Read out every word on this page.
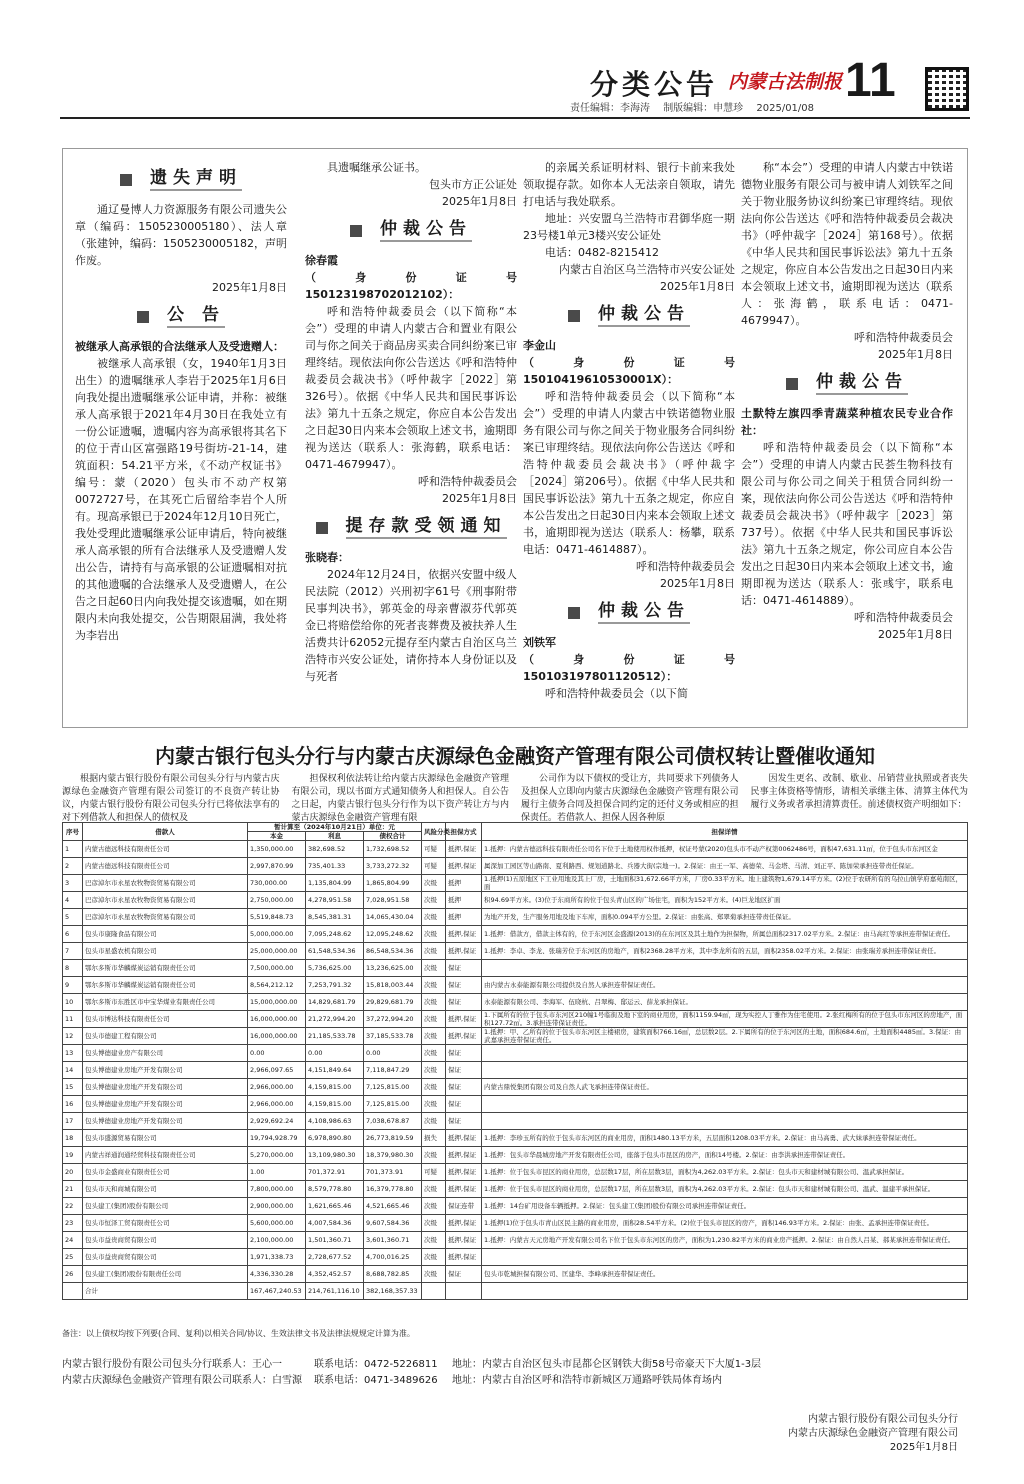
分类公告 内蒙古法制报 11
责任编辑：李海涛 制版编辑：申慧珍 2025/01/08
遗失声明

通辽曼博人力资源服务有限公司遗失公章（编码：1505230005180）、法人章（张建钟，编码：1505230005182，声明作废。

2025年1月8日

公 告

被继承人高承银的合法继承人及受遗赠人：

被继承人高承银（女，1940年1月3日出生）的遗嘱继承人李岩于2025年1月6日向我处提出遗嘱继承公证申请，并称：被继承人高承银于2021年4月30日在我处立有一份公证遗嘱，遗嘱内容为高承银将其名下的位于青山区富强路19号街坊-21-14，建筑面积：54.21平方米，《不动产权证书》编号：蒙（2020）包头市不动产权第0072727号，在其死亡后留给李岩个人所有。现高承银已于2024年12月10日死亡，我处受理此遗嘱继承公证申请后，特向被继承人高承银的所有合法继承人及受遗赠人发出公告，请持有与高承银的公证遗嘱相对抗的其他遗嘱的合法继承人及受遗赠人，在公告之日起60日内向我处提交该遗嘱，如在期限内未向我处提交，公告期限届满，我处将为李岩出

具遗嘱继承公证书。

包头市方正公证处

2025年1月8日

仲裁公告

徐春霞

（身份证号 150123198702012102）：

呼和浩特仲裁委员会（以下简称“本会”）受理的申请人内蒙古合和置业有限公司与你之间关于商品房买卖合同纠纷案已审理终结。现依法向你公告送达《呼和浩特仲裁委员会裁决书》（呼仲裁字［2022］第326号）。依据《中华人民共和国民事诉讼法》第九十五条之规定，你应自本公告发出之日起30日内来本会领取上述文书，逾期即视为送达（联系人：张海鹤，联系电话：0471-4679947）。

呼和浩特仲裁委员会

2025年1月8日

提存款受领通知

张晓春：

2024年12月24日，依据兴安盟中级人民法院（2012）兴刑初字61号《刑事附带民事判决书》，郭英金的母亲曹淑芬代郭英金已将赔偿给你的死者丧葬费及被扶养人生活费共计62052元提存至内蒙古自治区乌兰浩特市兴安公证处，请你持本人身份证以及与死者

的亲属关系证明材料、银行卡前来我处领取提存款。如你本人无法亲自领取，请先打电话与我处联系。

地址：兴安盟乌兰浩特市君御华庭一期23号楼1单元3楼兴安公证处

电话：0482-8215412

内蒙古自治区乌兰浩特市兴安公证处

2025年1月8日

仲裁公告

李金山

（身份证号 15010419610530001X）：

呼和浩特仲裁委员会（以下简称“本会”）受理的申请人内蒙古中铁诺德物业服务有限公司与你之间关于物业服务合同纠纷案已审理终结。现依法向你公告送达《呼和浩特仲裁委员会裁决书》（呼仲裁字［2024］第206号）。依据《中华人民共和国民事诉讼法》第九十五条之规定，你应自本公告发出之日起30日内来本会领取上述文书，逾期即视为送达（联系人：杨攀，联系电话：0471-4614887）。

呼和浩特仲裁委员会

2025年1月8日

仲裁公告

刘铁军

（身份证号 150103197801120512）：

呼和浩特仲裁委员会（以下简

称“本会”）受理的申请人内蒙古中铁诺德物业服务有限公司与被申请人刘铁军之间关于物业服务协议纠纷案已审理终结。现依法向你公告送达《呼和浩特仲裁委员会裁决书》（呼仲裁字［2024］第168号）。依据《中华人民共和国民事诉讼法》第九十五条之规定，你应自本公告发出之日起30日内来本会领取上述文书，逾期即视为送达（联系人：张海鹤，联系电话：0471-4679947）。

呼和浩特仲裁委员会

2025年1月8日

仲裁公告

土默特左旗四季青蔬菜种植农民专业合作社：

呼和浩特仲裁委员会（以下简称“本会”）受理的申请人内蒙古民荟生物科技有限公司与你公司之间关于租赁合同纠纷一案，现依法向你公司公告送达《呼和浩特仲裁委员会裁决书》（呼仲裁字［2023］第737号）。依据《中华人民共和国民事诉讼法》第九十五条之规定，你公司应自本公告发出之日起30日内来本会领取上述文书，逾期即视为送达（联系人：张彧宇，联系电话：0471-4614889）。

呼和浩特仲裁委员会

2025年1月8日

内蒙古银行包头分行与内蒙古庆源绿色金融资产管理有限公司债权转让暨催收通知
根据内蒙古银行股份有限公司包头分行与内蒙古庆源绿色金融资产管理有限公司签订的不良资产转让协议，内蒙古银行股份有限公司包头分行已将依法享有的对下列借款人和担保人的债权及
担保权利依法转让给内蒙古庆源绿色金融资产管理有限公司，现以书面方式通知债务人和担保人。自公告之日起，内蒙古银行包头分行作为以下资产转让方与内蒙古庆源绿色金融资产管理有限
公司作为以下债权的受让方，共同要求下列债务人及担保人立即向内蒙古庆源绿色金融资产管理有限公司履行主债务合同及担保合同约定的还付义务或相应的担保责任。若借款人、担保人因各种原
因发生更名、改制、歇业、吊销营业执照或者丧失民事主体资格等情形，请相关承继主体、清算主体代为履行义务或者承担清算责任。前述债权资产明细如下：
序号	借款人	暂计算至（2024年10月21日）单位：元			风险分类	担保方式	担保详情
		本金	利息	债权合计			
1	内蒙古德远科技有限责任公司	1,350,000.00	382,698.52	1,732,698.52	可疑	抵押,保证	1.抵押：内蒙古德远科技有限责任公司名下位于土地使用权作抵押，权证号蒙(2020)包头市不动产权第0062486号，面积47,631.11㎡，位于包头市东河区金
2	内蒙古德远科技有限责任公司	2,997,870.99	735,401.33	3,733,272.32	可疑	抵押,保证	属深加工园区等山路南、夏利路西、规划道路北、兵器大街(宗地一)。2.保证：由王一军、高德荣、马金塔、马清、刘正平、陈加荣承担连带责任保证。
3	巴彦淖尔市永星农牧物资贸易有限公司	730,000.00	1,135,804.99	1,865,804.99	次级	抵押	1.抵押(1)五原地区下工业用地及其上厂房，土地面积31,672.66平方米，厂房0.33平方米。地上建筑物1,679.14平方米。(2)位于农研所有的乌拉山镇学府嘉苑南区，面
4	巴彦淖尔市永星农牧物资贸易有限公司	2,750,000.00	4,278,951.58	7,028,951.58	次级	抵押	积94.69平方米。(3)位于东商所有的位于包头青山区的广场住宅，面积为152平方米。(4)巨龙地区扩面
5	巴彦淖尔市永星农牧物资贸易有限公司	5,519,848.73	8,545,381.31	14,065,430.04	次级	抵押	为地产开发，生产服务用地及地下车库，面积0.094平方公里。2.保证：由张高、郑翠菊承担连带责任保证。
6	包头市康隆食品有限公司	5,000,000.00	7,095,248.62	12,095,248.62	次级	抵押,保证	1.抵押：借款方，借款主体有的，位于东河区金盛源(2013)的在东河区及其土地作为担保物，所属总面积2317.02平方米。2.保证：由马高红等承担连带保证责任。
7	包头市星盛农机有限公司	25,000,000.00	61,548,534.36	86,548,534.36	次级	抵押,保证	1.抵押：李卓、李龙、张瑞芳位于东河区的房地产，面积2368.28平方米，其中李龙所有的五层，面积2358.02平方米。2.保证：由张瑞芳承担连带保证责任。
8	鄂尔多斯市华麟煤炭运销有限责任公司	7,500,000.00	5,736,625.00	13,236,625.00	次级	保证	
9	鄂尔多斯市华麟煤炭运销有限责任公司	8,564,212.12	7,253,791.32	15,818,003.44	次级	保证	由内蒙古永泰能源有限公司提供及自然人承担连带保证责任。
10	鄂尔多斯市东胜区市中宝华煤业有限责任公司	15,000,000.00	14,829,681.79	29,829,681.79	次级	保证	永泰能源有限公司、李海军、伍晓杭、吕翠梅、邸运云、薛龙承担保证。
11	包头市博达科技有限责任公司	16,000,000.00	21,272,994.20	37,272,994.20	次级	抵押,保证	1.下属所有的位于包头市东河区210幢1号临街及地下室的商业用房，面积1159.94㎡，现为实控人丁雅作为住宅使用。2.张红梅所有的位于包头市东河区的房地产，面积127.72㎡。3.承担连带保证责任。
12	包头市德建工程有限公司	16,000,000.00	21,185,533.78	37,185,533.78	次级	抵押,保证	1.抵押：甲、乙所有的位于包头市东河区主楼裙房，建筑面积766.16㎡，总层数2层。2.下属所有的位于东河区的土地，面积684.6㎡，土地面积4485㎡。3.保证：由武嘉承担连带保证责任。
13	包头博德建业房产有限公司	0.00	0.00	0.00	次级	保证	
14	包头博德建业房地产开发有限公司	2,966,097.65	4,151,849.64	7,118,847.29	次级	保证	
15	包头博德建业房地产开发有限公司	2,966,000.00	4,159,815.00	7,125,815.00	次级	保证	内蒙古鼎悦集团有限公司及自然人武飞承担连带保证责任。
16	包头博德建业房地产开发有限公司	2,966,000.00	4,159,815.00	7,125,815.00	次级	保证	
17	包头博德建业房地产开发有限公司	2,929,692.24	4,108,986.63	7,038,678.87	次级	保证	
18	包头市盛源贸易有限公司	19,794,928.79	6,978,890.80	26,773,819.59	损失	抵押,保证	1.抵押：李珍玉所有的位于包头市东河区的商业用房，面积1480.13平方米，五层面积1208.03平方米。2.保证：由马高勇、武大妹承担连带保证责任。
19	内蒙古祥通润通经贸科技有限责任公司	5,270,000.00	13,109,980.30	18,379,980.30	次级	抵押,保证	1.抵押：包头市华晨城房地产开发有限责任公司，座落于包头市昆区的房产，面积14号楼。2.保证：由李洪承担连带保证责任。
20	包头市金盛商业有限责任公司	1.00	701,372.91	701,373.91	可疑	抵押,保证	1.抵押：位于包头市昆区的商业用房，总层数17层，所在层数3层，面积为4,262.03平方米。2.保证：包头市天和建材城有限公司、温武承担保证。
21	包头市天和商城有限公司	7,800,000.00	8,579,778.80	16,379,778.80	次级	抵押,保证	1.抵押：位于包头市昆区的商业用房，总层数17层，所在层数3层，面积为4,262.03平方米。2.保证：包头市天和建材城有限公司、温武、温建平承担保证。
22	包头建工(集团)股份有限公司	2,900,000.00	1,621,665.46	4,521,665.46	次级	保证连带	1.抵押：14台矿用设备车辆抵押。2.保证：包头建工(集团)股份有限公司承担连带保证责任。
23	包头市恒泽工贸有限责任公司	5,600,000.00	4,007,584.36	9,607,584.36	次级	抵押,保证	1.抵押(1)位于包头市青山区民主路的商业用房，面积28.54平方米。(2)位于包头市昆区的房产，面积146.93平方米。2.保证：由张、孟承担连带保证责任。
24	包头市益贵商贸有限公司	2,100,000.00	1,501,360.71	3,601,360.71	次级	抵押,保证	1.抵押：内蒙古天元房地产开发有限公司名下位于包头市东河区的房产，面积为1,230.82平方米的商业房产抵押。2.保证：由自然人吕某、郝某承担连带保证责任。
25	包头市益贵商贸有限公司	1,971,338.73	2,728,677.52	4,700,016.25	次级	抵押,保证	
26	包头建工(集团)股份有限责任公司	4,336,330.28	4,352,452.57	8,688,782.85	次级	保证	包头市乾城担保有限公司、匡建华、李峰承担连带保证责任。
	合计	167,467,240.53	214,761,116.10	382,168,357.33			
备注：以上债权均按下列要(合同、复利)以相关合同/协议、生效法律文书及法律法规规定计算为准。
内蒙古银行股份有限公司包头分行联系人：王心一	联系电话：0472-5226811	地址：内蒙古自治区包头市昆都仑区钢铁大街58号帝豪天下大厦1-3层
内蒙古庆源绿色金融资产管理有限公司联系人：白雪源	联系电话：0471-3489626	地址：内蒙古自治区呼和浩特市新城区万通路呼铁局体育场内
内蒙古银行股份有限公司包头分行
内蒙古庆源绿色金融资产管理有限公司
2025年1月8日
